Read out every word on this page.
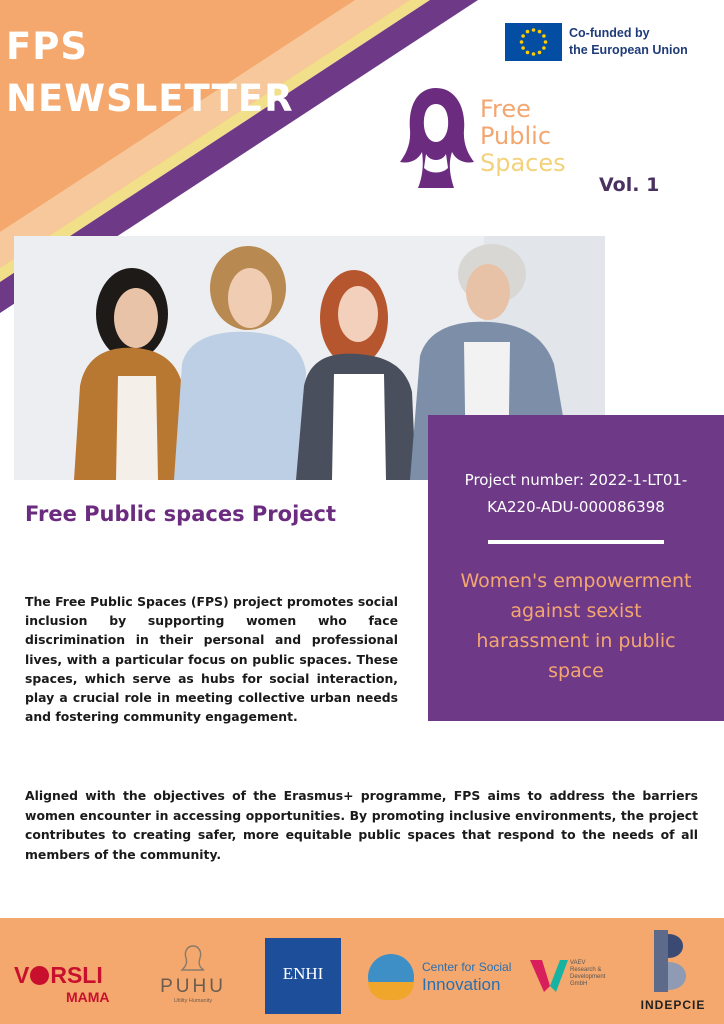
FPS
NEWSLETTER
Co-funded by
the European Union
Free
Public
Spaces
Vol. 1
Project number: 2022-1-LT01-
KA220-ADU-000086398
Women's empowerment
against sexist
harassment in public
space
Free Public spaces Project
The Free Public Spaces (FPS) project promotes social inclusion by supporting women who face discrimination in their personal and professional lives, with a particular focus on public spaces. These spaces, which serve as hubs for social interaction, play a crucial role in meeting collective urban needs and fostering community engagement.
Aligned with the objectives of the Erasmus+ programme, FPS aims to address the barriers women encounter in accessing opportunities. By promoting inclusive environments, the project contributes to creating safer, more equitable public spaces that respond to the needs of all members of the community.
V RSLI
MAMA	PUHU
Utility Humanity
ENHI	Center for Social
Innovation
VAEV
Research &
Development
GmbH
INDEPCIE
